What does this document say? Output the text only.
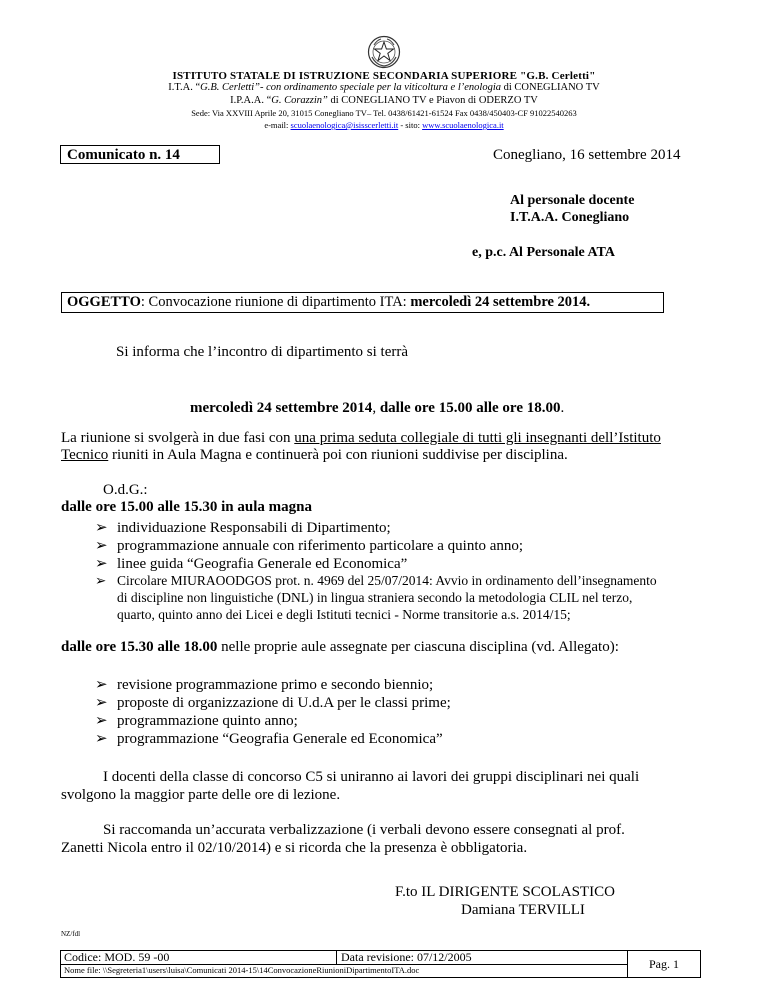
ISTITUTO STATALE DI ISTRUZIONE SECONDARIA SUPERIORE "G.B. Cerletti"
I.T.A. “G.B. Cerletti”- con ordinamento speciale per la viticoltura e l’enologia di CONEGLIANO TV
I.P.A.A. “G. Corazzin” di CONEGLIANO TV e Piavon di ODERZO TV
Sede: Via XXVIII Aprile 20, 31015 Conegliano TV– Tel. 0438/61421-61524 Fax 0438/450403-CF 91022540263
e-mail: scuolaenologica@isisscerletti.it - sito: www.scuolaenologica.it
Comunicato n. 14	Conegliano, 16 settembre 2014
Al personale docente
I.T.A.A. Conegliano
e, p.c. Al Personale ATA
OGGETTO: Convocazione riunione di dipartimento ITA: mercoledì 24 settembre 2014.
Si informa che l’incontro di dipartimento si terrà
mercoledì 24 settembre 2014, dalle ore 15.00 alle ore 18.00.
La riunione si svolgerà in due fasi con una prima seduta collegiale di tutti gli insegnanti dell’Istituto
Tecnico riuniti in Aula Magna e continuerà poi con riunioni suddivise per disciplina.
O.d.G.:
dalle ore 15.00 alle 15.30 in aula magna
➢ individuazione Responsabili di Dipartimento;
➢ programmazione annuale con riferimento particolare a quinto anno;
➢ linee guida “Geografia Generale ed Economica”
➢ Circolare MIURAOODGOS prot. n. 4969 del 25/07/2014: Avvio in ordinamento dell’insegnamento
di discipline non linguistiche (DNL) in lingua straniera secondo la metodologia CLIL nel terzo,
quarto, quinto anno dei Licei e degli Istituti tecnici - Norme transitorie a.s. 2014/15;
dalle ore 15.30 alle 18.00 nelle proprie aule assegnate per ciascuna disciplina (vd. Allegato):
➢ revisione programmazione primo e secondo biennio;
➢ proposte di organizzazione di U.d.A per le classi prime;
➢ programmazione quinto anno;
➢ programmazione “Geografia Generale ed Economica”
I docenti della classe di concorso C5 si uniranno ai lavori dei gruppi disciplinari nei quali
svolgono la maggior parte delle ore di lezione.
Si raccomanda un’accurata verbalizzazione (i verbali devono essere consegnati al prof.
Zanetti Nicola entro il 02/10/2014) e si ricorda che la presenza è obbligatoria.
F.to IL DIRIGENTE SCOLASTICO
Damiana TERVILLI
NZ/fdl
Codice: MOD. 59 -00	Data revisione: 07/12/2005
Nome file: \\Segreteria1\users\luisa\Comunicati 2014-15\14ConvocazioneRiunioniDipartimentoITA.doc	Pag. 1
